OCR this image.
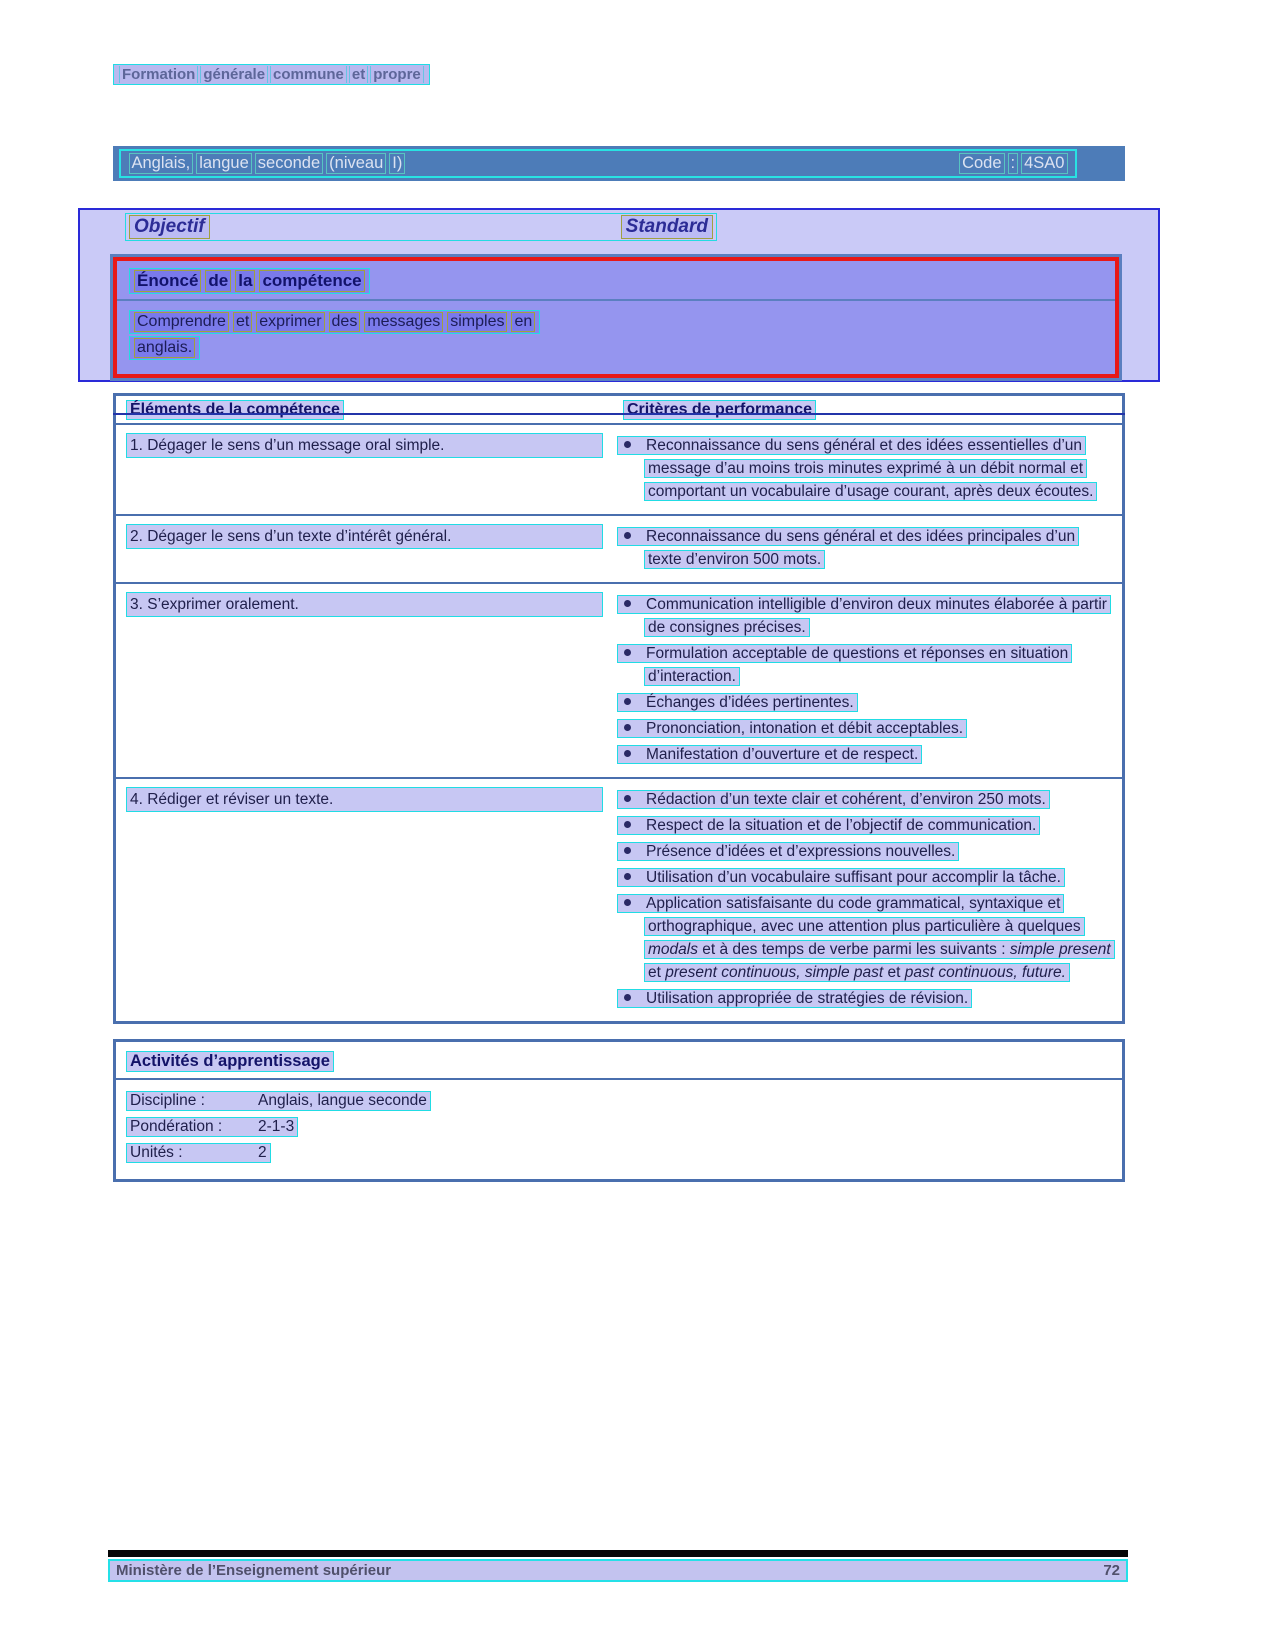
Formation générale commune et propre
Anglais, langue seconde (niveau I)	Code : 4SA0
Objectif	Standard
Énoncé de la compétence
Comprendre et exprimer des messages simples en
anglais.
Éléments de la compétence	Critères de performance
1. Dégager le sens d’un message oral simple.	Reconnaissance du sens général et des idées essentielles d’un message d’au moins trois minutes exprimé à un débit normal et comportant un vocabulaire d’usage courant, après deux écoutes.
2. Dégager le sens d’un texte d’intérêt général.	Reconnaissance du sens général et des idées principales d’un texte d’environ 500 mots.
3. S’exprimer oralement.	Communication intelligible d’environ deux minutes élaborée à partir de consignes précises.
Formulation acceptable de questions et réponses en situation d’interaction.
Échanges d’idées pertinentes.
Prononciation, intonation et débit acceptables.
Manifestation d’ouverture et de respect.
4. Rédiger et réviser un texte.	Rédaction d’un texte clair et cohérent, d’environ 250 mots.
Respect de la situation et de l’objectif de communication.
Présence d’idées et d’expressions nouvelles.
Utilisation d’un vocabulaire suffisant pour accomplir la tâche.
Application satisfaisante du code grammatical, syntaxique et orthographique, avec une attention plus particulière à quelques modals et à des temps de verbe parmi les suivants : simple present et present continuous, simple past et past continuous, future.
Utilisation appropriée de stratégies de révision.
Activités d’apprentissage
Discipline :	Anglais, langue seconde
Pondération : 2-1-3
Unités :	2
Ministère de l’Enseignement supérieur	72
